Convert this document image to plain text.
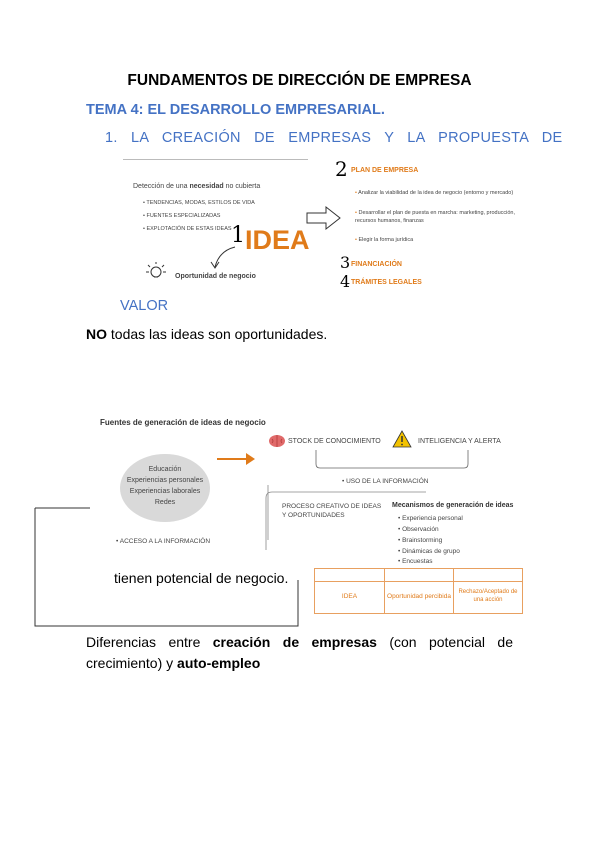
FUNDAMENTOS DE DIRECCIÓN DE EMPRESA
TEMA 4: EL DESARROLLO EMPRESARIAL.
1. LA CREACIÓN DE EMPRESAS Y LA PROPUESTA DE
Detección de una necesidad no cubierta
• TENDENCIAS, MODAS, ESTILOS DE VIDA
• FUENTES ESPECIALIZADAS
• EXPLOTACIÓN DE ESTAS IDEAS 1 IDEA
Oportunidad de negocio
2 PLAN DE EMPRESA
• Analizar la viabilidad de la idea de negocio (entorno y mercado)
• Desarrollar el plan de puesta en marcha: marketing, producción, recursos humanos, finanzas
• Elegir la forma jurídica
3 FINANCIACIÓN
4 TRÁMITES LEGALES
VALOR
NO todas las ideas son oportunidades.
Fuentes de generación de ideas de negocio
Educación
Experiencias personales
Experiencias laborales
Redes
STOCK DE CONOCIMIENTO	INTELIGENCIA Y ALERTA
• USO DE LA INFORMACIÓN
PROCESO CREATIVO DE IDEAS Y OPORTUNIDADES
• ACCESO A LA INFORMACIÓN
Mecanismos de generación de ideas
• Experiencia personal
• Observación
• Brainstorming
• Dinámicas de grupo
• Encuestas
IDEA	Oportunidad percibida
Rechazo/Aceptado de una acción
tienen potencial de negocio.
Diferencias entre creación de empresas (con potencial de
crecimiento) y auto-empleo
